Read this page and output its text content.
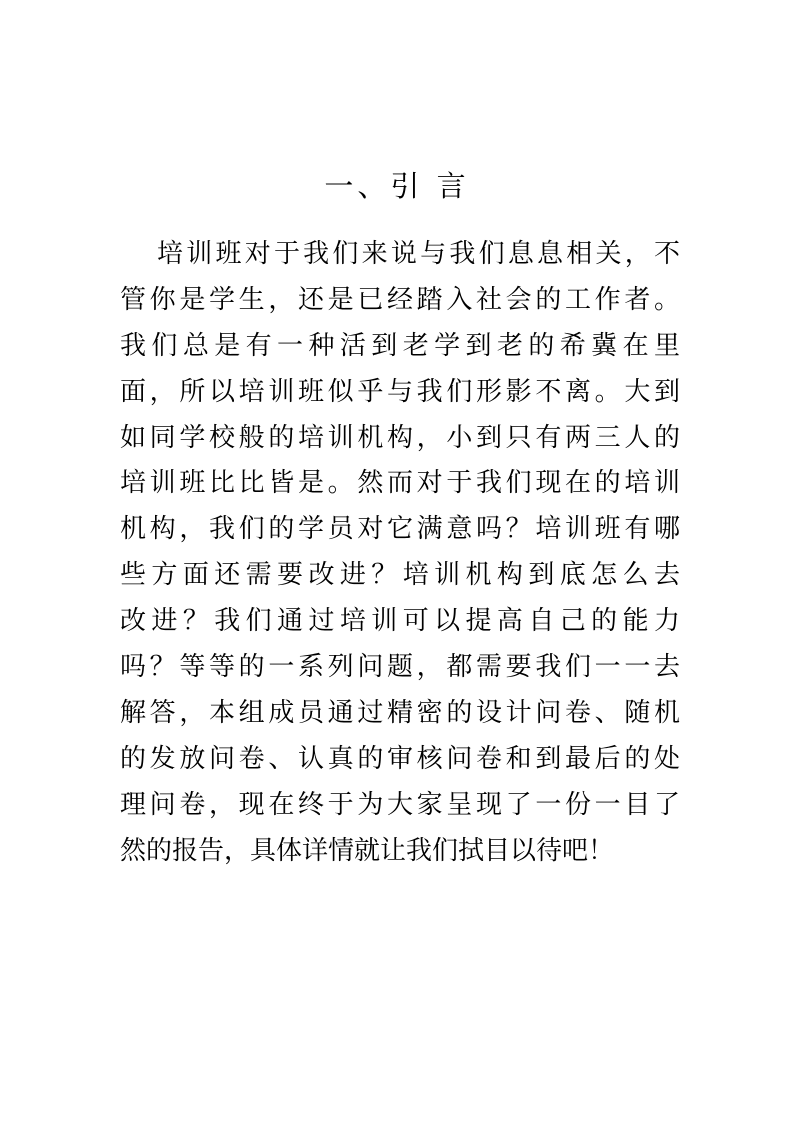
一、引 言
培训班对于我们来说与我们息息相关，不
管你是学生，还是已经踏入社会的工作者。
我们总是有一种活到老学到老的希冀在里
面，所以培训班似乎与我们形影不离。大到
如同学校般的培训机构，小到只有两三人的
培训班比比皆是。然而对于我们现在的培训
机构，我们的学员对它满意吗？培训班有哪
些方面还需要改进？培训机构到底怎么去
改进？我们通过培训可以提高自己的能力
吗？等等的一系列问题，都需要我们一一去
解答，本组成员通过精密的设计问卷、随机
的发放问卷、认真的审核问卷和到最后的处
理问卷，现在终于为大家呈现了一份一目了
然的报告，具体详情就让我们拭目以待吧！
